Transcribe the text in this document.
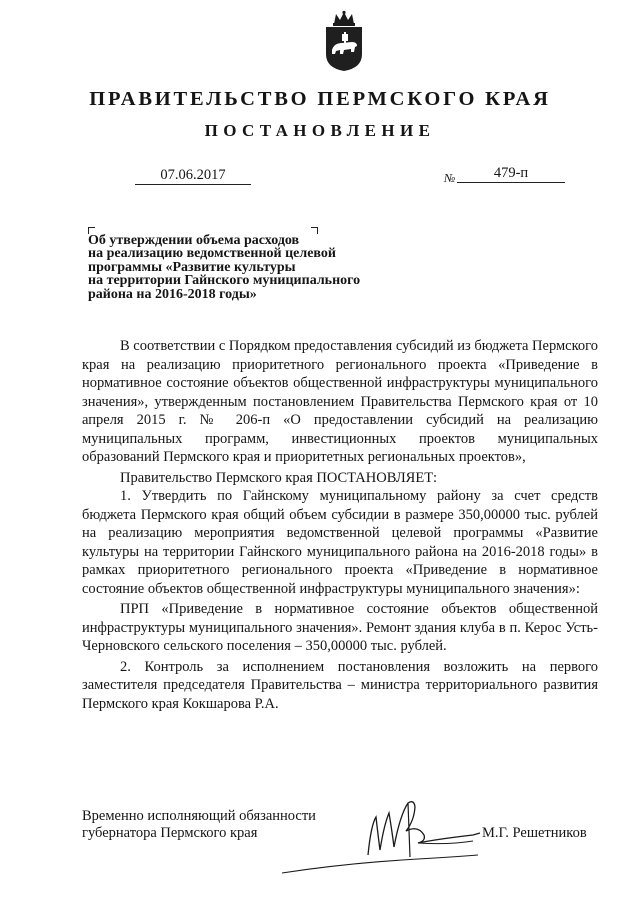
ПРАВИТЕЛЬСТВО ПЕРМСКОГО КРАЯ
ПОСТАНОВЛЕНИЕ
07.06.2017	№	479-п
Об утверждении объема расходов
на реализацию ведомственной целевой
программы «Развитие культуры
на территории Гайнского муниципального
района на 2016-2018 годы»

В соответствии с Порядком предоставления субсидий из бюджета Пермского края на реализацию приоритетного регионального проекта «Приведение в нормативное состояние объектов общественной инфраструктуры муниципального значения», утвержденным постановлением Правительства Пермского края от 10 апреля 2015 г. № 206-п «О предоставлении субсидий на реализацию муниципальных программ, инвестиционных проектов муниципальных образований Пермского края и приоритетных региональных проектов»,

Правительство Пермского края ПОСТАНОВЛЯЕТ:

1. Утвердить по Гайнскому муниципальному району за счет средств бюджета Пермского края общий объем субсидии в размере 350,00000 тыс. рублей на реализацию мероприятия ведомственной целевой программы «Развитие культуры на территории Гайнского муниципального района на 2016-2018 годы» в рамках приоритетного регионального проекта «Приведение в нормативное состояние объектов общественной инфраструктуры муниципального значения»:

ПРП «Приведение в нормативное состояние объектов общественной инфраструктуры муниципального значения». Ремонт здания клуба в п. Керос Усть-Черновского сельского поселения – 350,00000 тыс. рублей.

2. Контроль за исполнением постановления возложить на первого заместителя председателя Правительства – министра территориального развития Пермского края Кокшарова Р.А.

Временно исполняющий обязанности
губернатора Пермского края	М.Г. Решетников
